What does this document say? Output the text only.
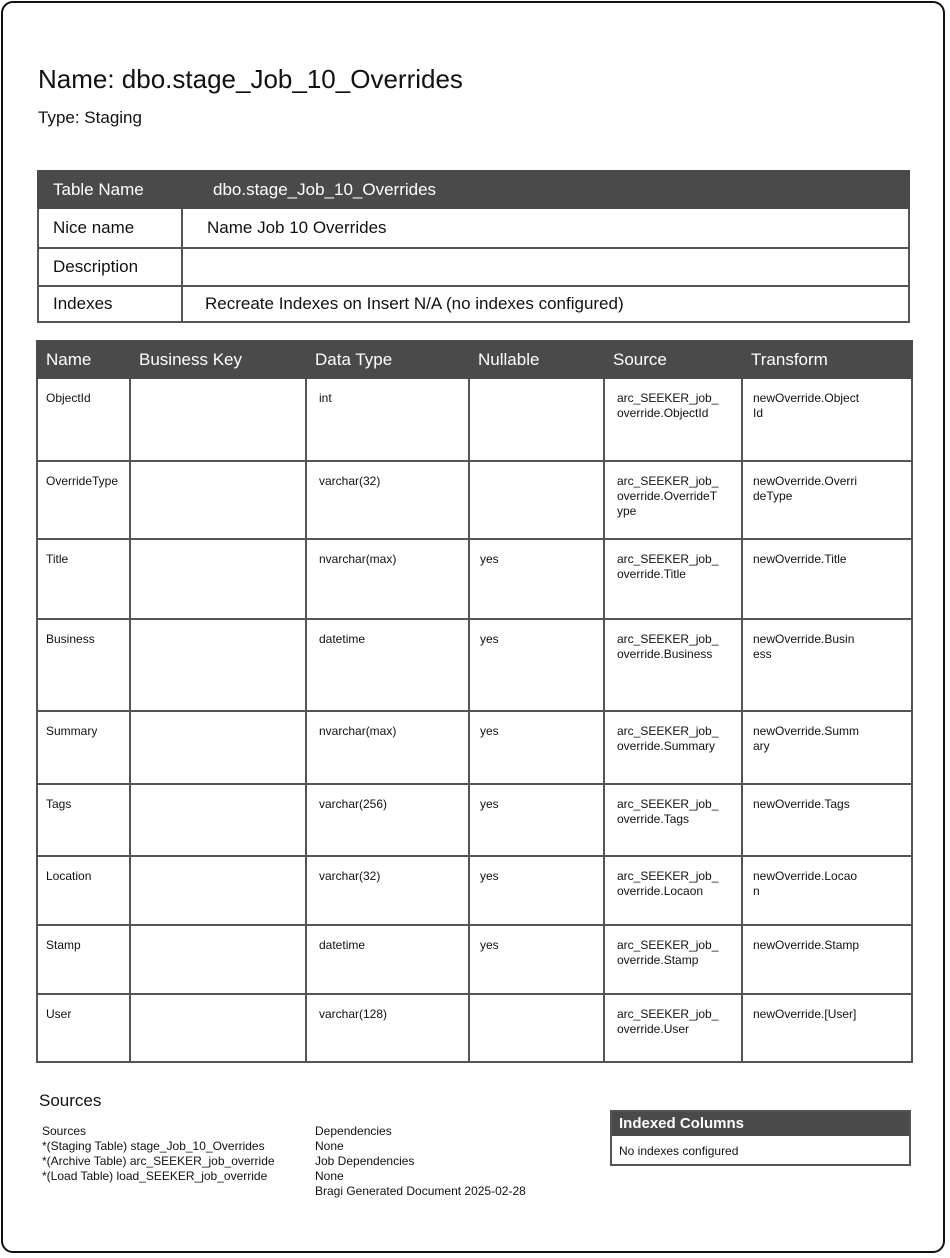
Name: dbo.stage_Job_10_Overrides
Type: Staging
Table Name	dbo.stage_Job_10_Overrides
Nice name	Name Job 10 Overrides
Description	
Indexes	Recreate Indexes on Insert N/A (no indexes configured)
Name	Business Key	Data Type	Nullable	Source	Transform
ObjectId		int		arc_SEEKER_job_override.ObjectId	newOverride.ObjectId
OverrideType		varchar(32)		arc_SEEKER_job_override.OverrideType	newOverride.OverrideType
Title		nvarchar(max)	yes	arc_SEEKER_job_override.Title	newOverride.Title
Business		datetime	yes	arc_SEEKER_job_override.Business	newOverride.Business
Summary		nvarchar(max)	yes	arc_SEEKER_job_override.Summary	newOverride.Summary
Tags		varchar(256)	yes	arc_SEEKER_job_override.Tags	newOverride.Tags
Location		varchar(32)	yes	arc_SEEKER_job_override.Locaon	newOverride.Locaon
Stamp		datetime	yes	arc_SEEKER_job_override.Stamp	newOverride.Stamp
User		varchar(128)		arc_SEEKER_job_override.User	newOverride.[User]
Sources
Sources
*(Staging Table) stage_Job_10_Overrides
*(Archive Table) arc_SEEKER_job_override
*(Load Table) load_SEEKER_job_override
Dependencies
None
Job Dependencies
None
Bragi Generated Document 2025-02-28
Indexed Columns
No indexes configured
